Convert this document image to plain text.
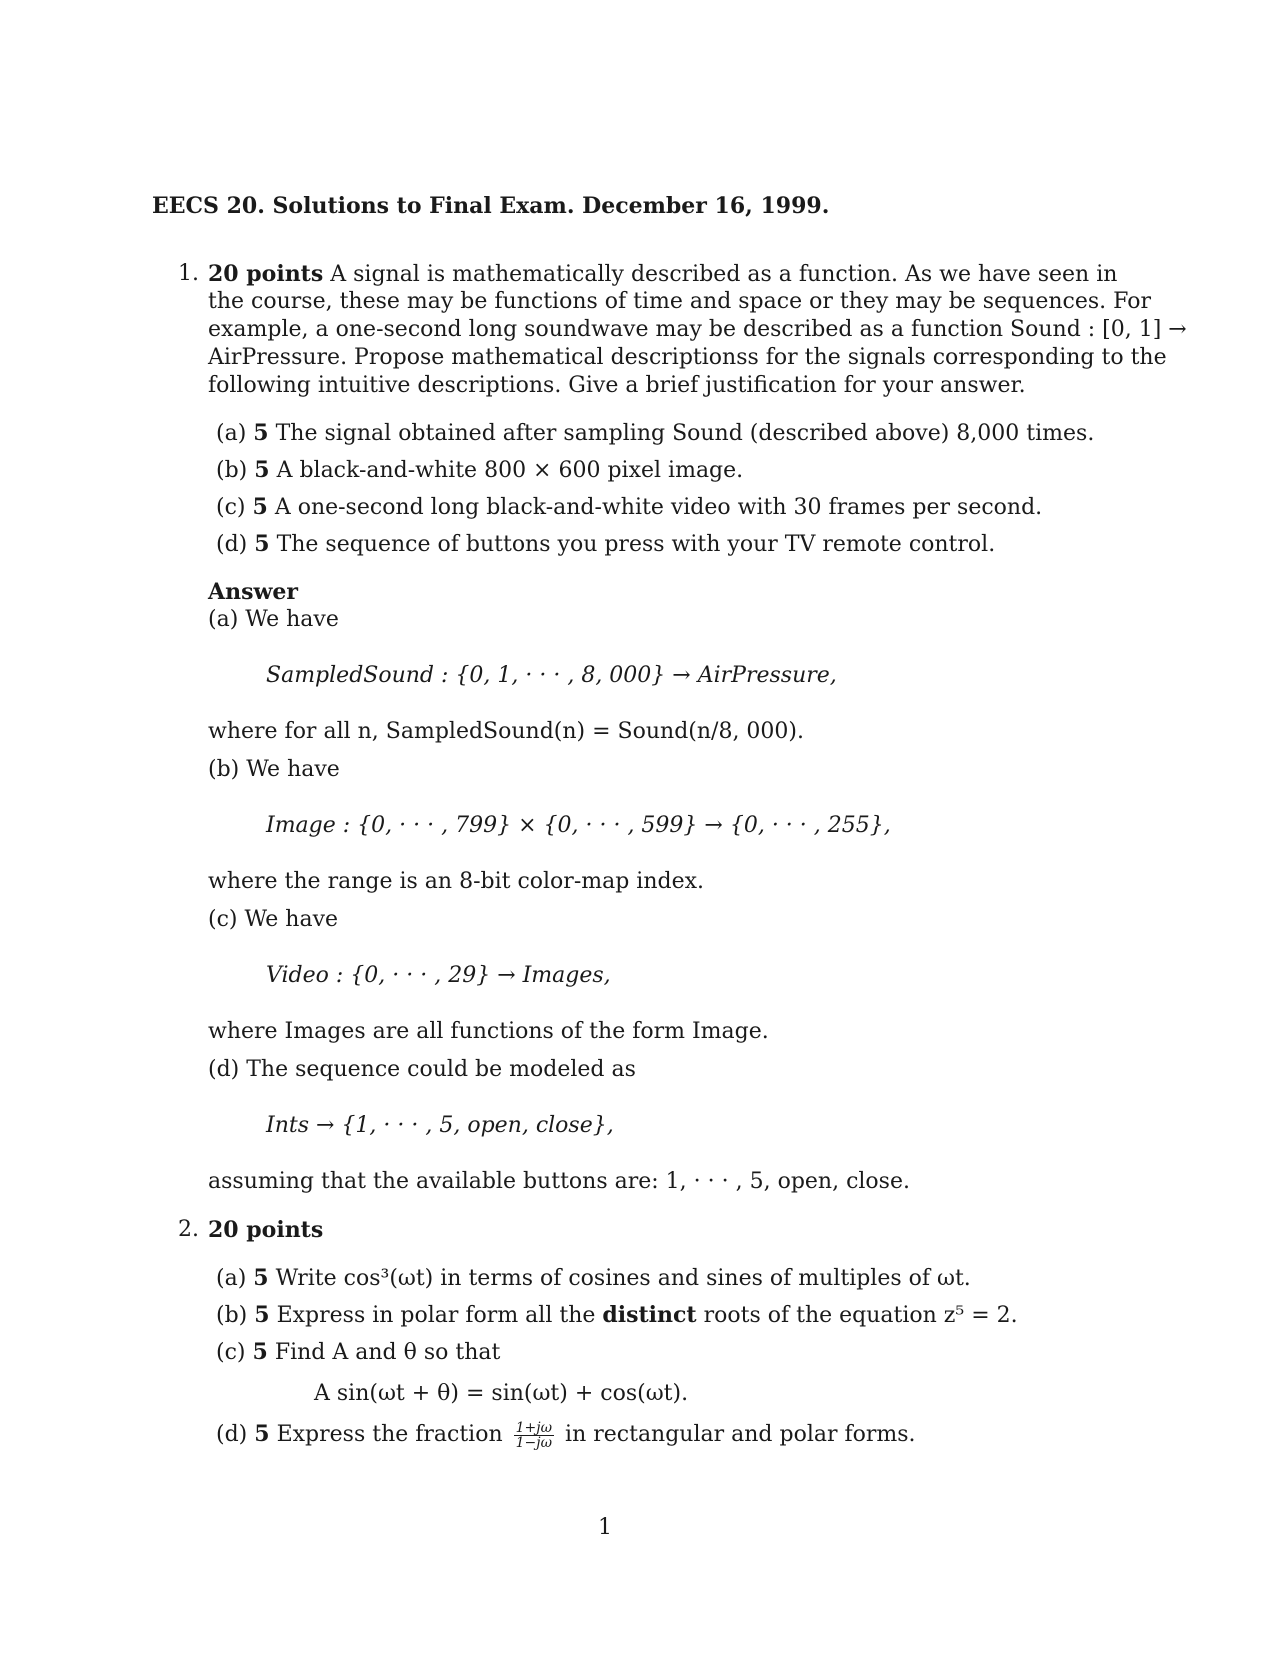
EECS 20. Solutions to Final Exam. December 16, 1999.
1. 20 points A signal is mathematically described as a function. As we have seen in
the course, these may be functions of time and space or they may be sequences. For
example, a one-second long soundwave may be described as a function Sound : [0, 1] →
AirPressure. Propose mathematical descriptionss for the signals corresponding to the
following intuitive descriptions. Give a brief justification for your answer.
(a) 5 The signal obtained after sampling Sound (described above) 8,000 times.
(b) 5 A black-and-white 800 × 600 pixel image.
(c) 5 A one-second long black-and-white video with 30 frames per second.
(d) 5 The sequence of buttons you press with your TV remote control.
Answer
(a) We have
SampledSound : {0, 1, · · · , 8, 000} → AirPressure,
where for all n, SampledSound(n) = Sound(n/8, 000).
(b) We have
Image : {0, · · · , 799} × {0, · · · , 599} → {0, · · · , 255},
where the range is an 8-bit color-map index.
(c) We have
Video : {0, · · · , 29} → Images,
where Images are all functions of the form Image.
(d) The sequence could be modeled as
Ints → {1, · · · , 5, open, close},
assuming that the available buttons are: 1, · · · , 5, open, close.
2. 20 points
(a) 5 Write cos³(ωt) in terms of cosines and sines of multiples of ωt.
(b) 5 Express in polar form all the distinct roots of the equation z⁵ = 2.
(c) 5 Find A and θ so that
A sin(ωt + θ) = sin(ωt) + cos(ωt).
(d) 5 Express the fraction $\frac{1+j\omega}{1-j\omega}$ in rectangular and polar forms.
1
